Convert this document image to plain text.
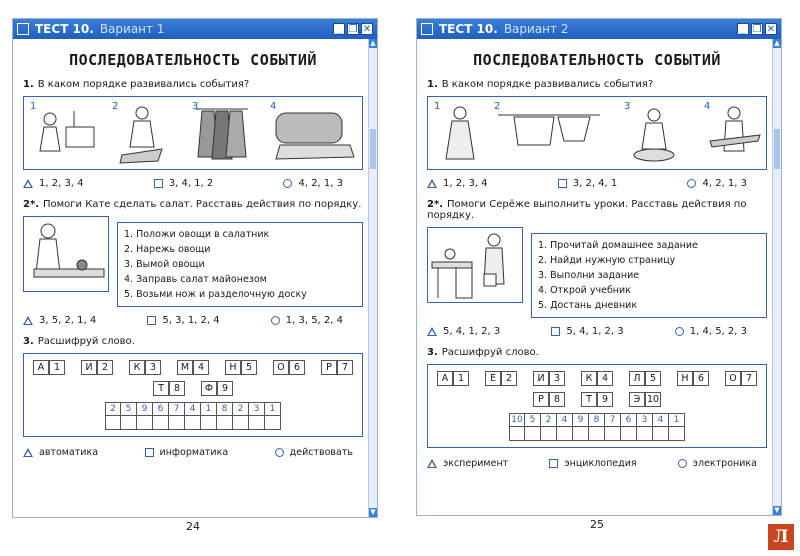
ТЕСТ 10. Вариант 1	_ ❐ ✕
▲
▼
ПОСЛЕДОВАТЕЛЬНОСТЬ СОБЫТИЙ
1. В каком порядке развивались события?
1	2	3	4
1, 2, 3, 4	3, 4, 1, 2	4, 2, 1, 3
2*. Помоги Кате сделать салат. Расставь действия по порядку.
1. Положи овощи в салатник
2. Нарежь овощи
3. Вымой овощи
4. Заправь салат майонезом
5. Возьми нож и разделочную доску
3, 5, 2, 1, 4	5, 3, 1, 2, 4	1, 3, 5, 2, 4
3. Расшифруй слово.
А	1	И 2	К	3	М 4	Н 5	О 6	Р	7
Т	8	Ф 9
2	5	9	6	7	4	1	8	2	3	1
автоматика	информатика	действовать
24
ТЕСТ 10. Вариант 2	_ ❐ ✕
▲
▼
ПОСЛЕДОВАТЕЛЬНОСТЬ СОБЫТИЙ
1. В каком порядке развивались события?
1	2	3	4
1, 2, 3, 4	3, 2, 4, 1	4, 2, 1, 3
2*. Помоги Серёже выполнить уроки. Расставь действия по порядку.
1. Прочитай домашнее задание
2. Найди нужную страницу
3. Выполни задание
4. Открой учебник
5. Достань дневник
5, 4, 1, 2, 3	5, 4, 1, 2, 3	1, 4, 5, 2, 3
3. Расшифруй слово.
А	1	Е	2	И 3	К	4	Л 5	Н 6	О 7
Р	8	Т	9	Э 10
10 5	2	4	9	8	7	6	3	4	1
эксперимент	энциклопедия	электроника
25
Л
